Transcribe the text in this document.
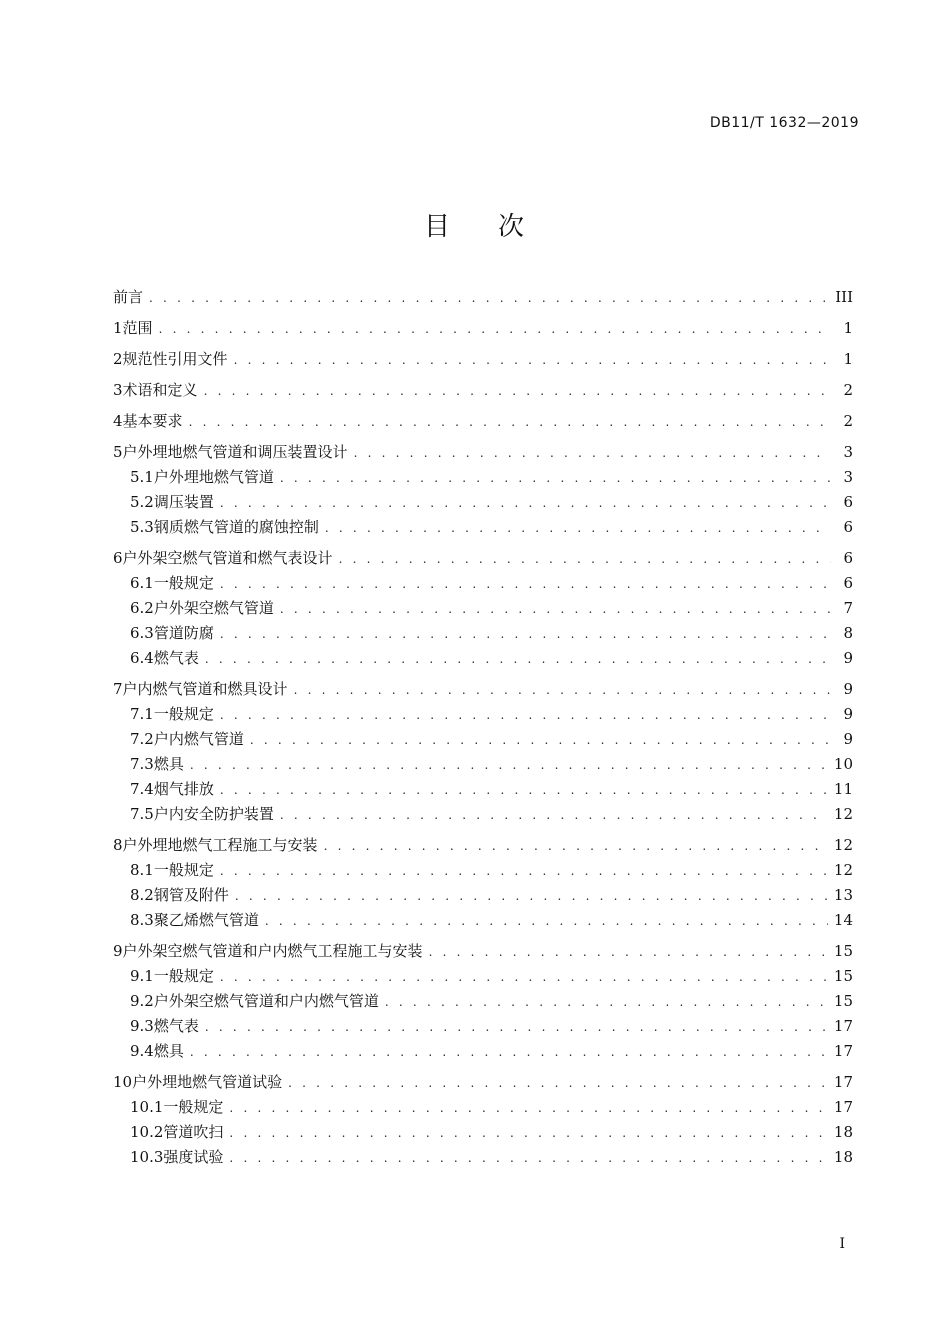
DB11/T 1632—2019
目 次
前言 . . .	III
1 范围 . . .	1
2 规范性引用文件 . . .	1
3 术语和定义 . . .	2
4 基本要求 . . .	2
5 户外埋地燃气管道和调压装置设计 . . .	3
5.1 户外埋地燃气管道 . . .	3
5.2 调压装置 . . .	6
5.3 钢质燃气管道的腐蚀控制 . . .	6
6 户外架空燃气管道和燃气表设计 . . .	6
6.1 一般规定 . . .	6
6.2 户外架空燃气管道 . . .	7
6.3 管道防腐 . . .	8
6.4 燃气表 . . .	9
7 户内燃气管道和燃具设计 . . .	9
7.1 一般规定 . . .	9
7.2 户内燃气管道 . . .	9
7.3 燃具 . . .	10
7.4 烟气排放 . . .	11
7.5 户内安全防护装置 . . .	12
8 户外埋地燃气工程施工与安装 . . .	12
8.1 一般规定 . . .	12
8.2 钢管及附件 . . .	13
8.3 聚乙烯燃气管道 . . .	14
9 户外架空燃气管道和户内燃气工程施工与安装 . . .	15
9.1 一般规定 . . .	15
9.2 户外架空燃气管道和户内燃气管道 . . .	15
9.3 燃气表 . . .	17
9.4 燃具 . . .	17
10 户外埋地燃气管道试验 . . .	17
10.1 一般规定 . . .	17
10.2 管道吹扫 . . .	18
10.3 强度试验 . . .	18
I
